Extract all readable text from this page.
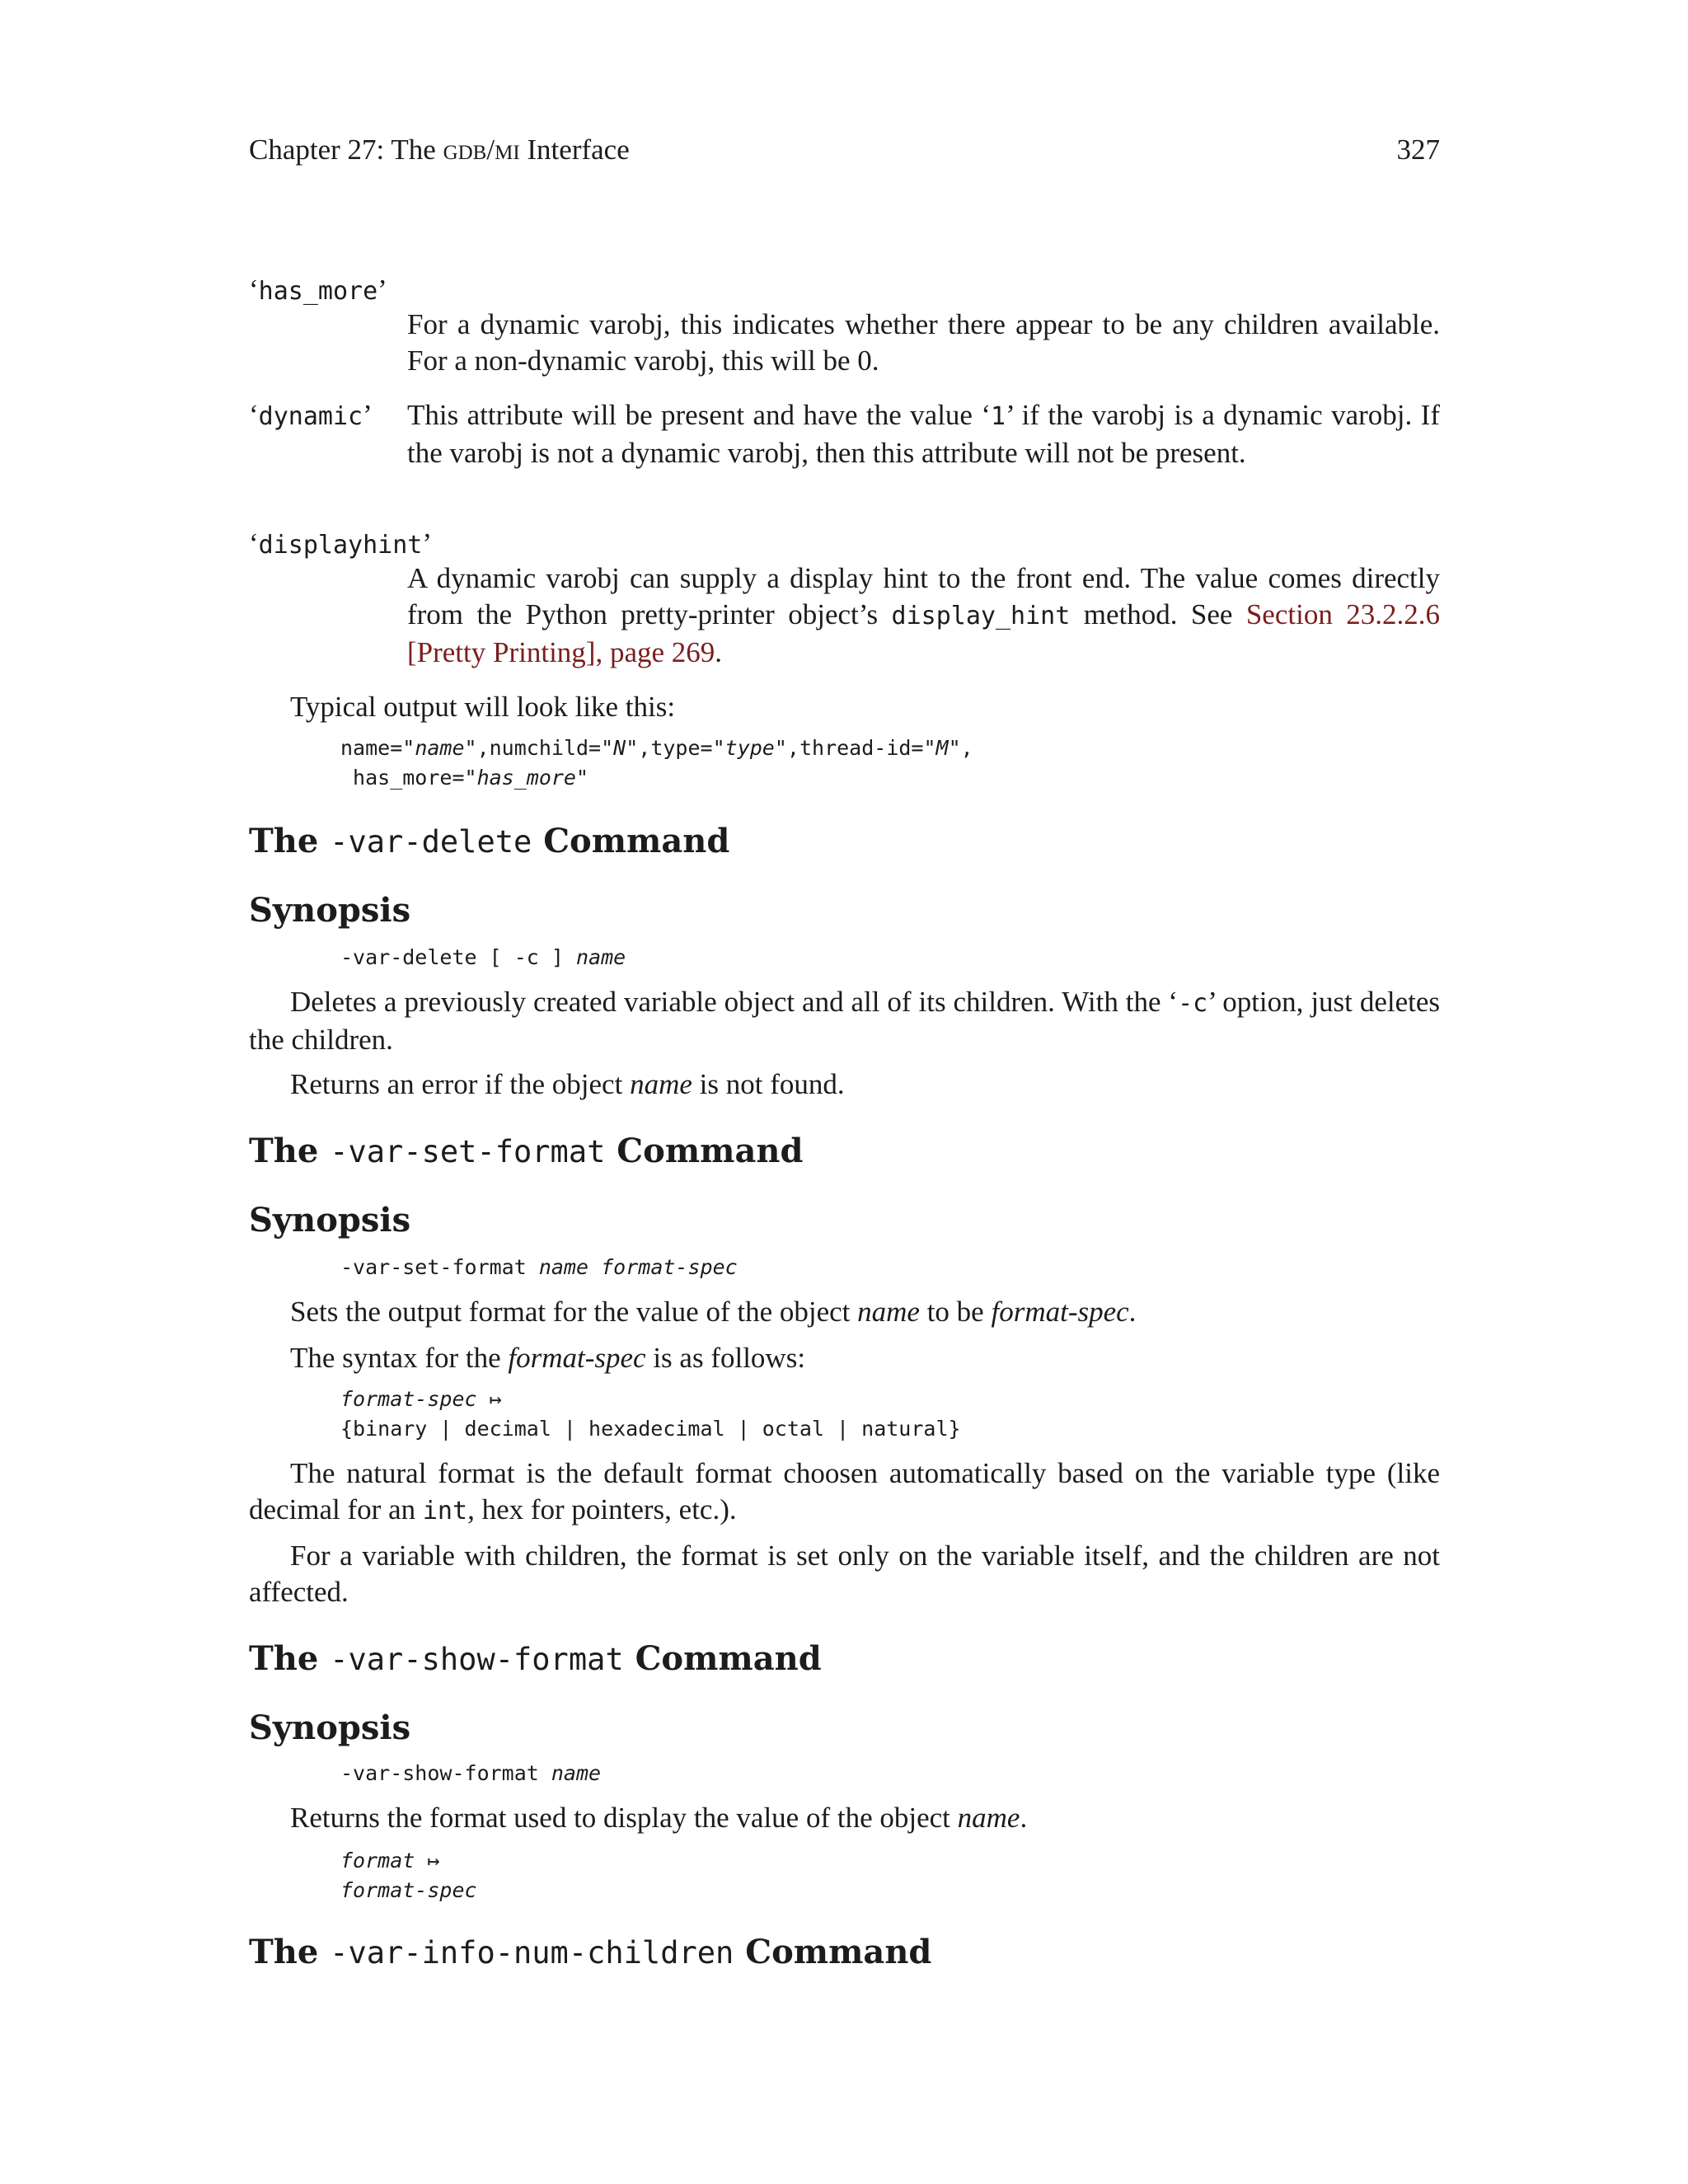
Chapter 27: The gdb/mi Interface	327
‘has_more’
For a dynamic varobj, this indicates whether there appear to be any children available. For a non-dynamic varobj, this will be 0.
‘dynamic’ This attribute will be present and have the value ‘1’ if the varobj is a dynamic varobj. If the varobj is not a dynamic varobj, then this attribute will not be present.
‘displayhint’
A dynamic varobj can supply a display hint to the front end. The value comes directly from the Python pretty-printer object’s display_hint method. See Section 23.2.2.6 [Pretty Printing], page 269.
Typical output will look like this:
name="name",numchild="N",type="type",thread-id="M",
has_more="has_more"
The -var-delete Command
Synopsis
-var-delete [ -c ] name
Deletes a previously created variable object and all of its children. With the ‘-c’ option, just deletes the children.
Returns an error if the object name is not found.
The -var-set-format Command
Synopsis
-var-set-format name format-spec
Sets the output format for the value of the object name to be format-spec.
The syntax for the format-spec is as follows:
format-spec ↦
{binary | decimal | hexadecimal | octal | natural}
The natural format is the default format choosen automatically based on the variable type (like decimal for an int, hex for pointers, etc.).
For a variable with children, the format is set only on the variable itself, and the children are not affected.
The -var-show-format Command
Synopsis
-var-show-format name
Returns the format used to display the value of the object name.
format ↦
format-spec
The -var-info-num-children Command
